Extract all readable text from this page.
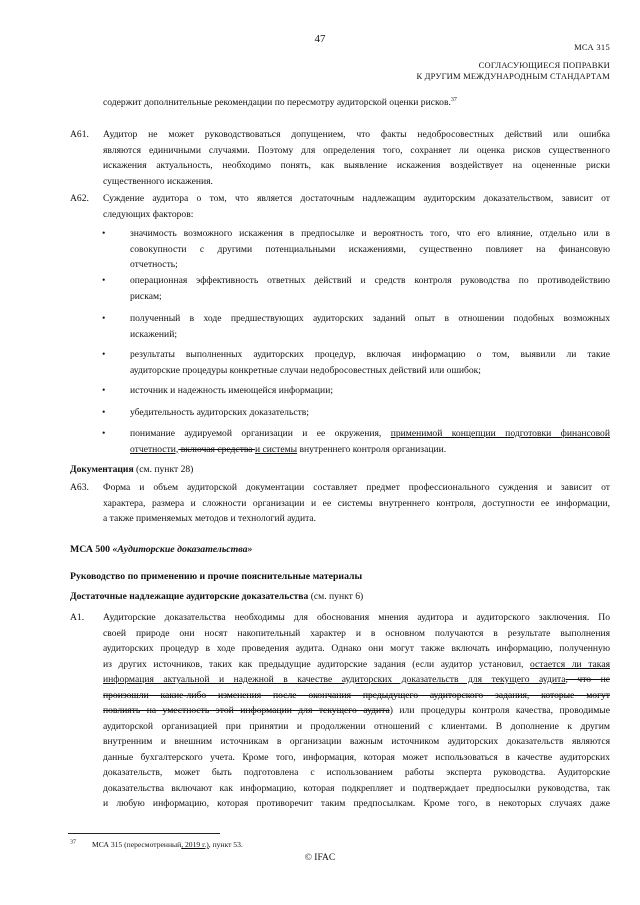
47
МСА 315
СОГЛАСУЮЩИЕСЯ ПОПРАВКИ
К ДРУГИМ МЕЖДУНАРОДНЫМ СТАНДАРТАМ
содержит дополнительные рекомендации по пересмотру аудиторской оценки рисков.$^{37}$
A61. Аудитор не может руководствоваться допущением, что факты недобросовестных действий или ошибка
являются единичными случаями. Поэтому для определения того, сохраняет ли оценка рисков существенного
искажения актуальность, необходимо понять, как выявление искажения воздействует на оцененные риски
существенного искажения.
A62. Суждение аудитора о том, что является достаточным надлежащим аудиторским доказательством, зависит от
следующих факторов:
•	значимость возможного искажения в предпосылке и вероятность того, что его влияние, отдельно или в
совокупности с другими потенциальными искажениями, существенно повлияет на финансовую
отчетность;
•	операционная эффективность ответных действий и средств контроля руководства по противодействию
рискам;
•	полученный в ходе предшествующих аудиторских заданий опыт в отношении подобных возможных
искажений;
•	результаты выполненных аудиторских процедур, включая информацию о том, выявили ли такие
аудиторские процедуры конкретные случаи недобросовестных действий или ошибок;
•	источник и надежность имеющейся информации;
•	убедительность аудиторских доказательств;
•	понимание аудируемой организации и ее окружения, применимой концепции подготовки финансовой
отчетности, включая средства и системы внутреннего контроля организации.
Документация (см. пункт 28)
A63. Форма и объем аудиторской документации составляет предмет профессионального суждения и зависит от
характера, размера и сложности организации и ее системы внутреннего контроля, доступности ее информации,
а также применяемых методов и технологий аудита.
МСА 500 «Аудиторские доказательства»
Руководство по применению и прочие пояснительные материалы
Достаточные надлежащие аудиторские доказательства (см. пункт 6)
A1. Аудиторские доказательства необходимы для обоснования мнения аудитора и аудиторского заключения. По
своей природе они носят накопительный характер и в основном получаются в результате выполнения
аудиторских процедур в ходе проведения аудита. Однако они могут также включать информацию, полученную
из других источников, таких как предыдущие аудиторские задания (если аудитор установил, остается ли такая
информация актуальной и надежной в качестве аудиторских доказательств для текущего аудита, что не
произошли какие-либо изменения после окончания предыдущего аудиторского задания, которые могут
повлиять на уместность этой информации для текущего аудита) или процедуры контроля качества, проводимые
аудиторской организацией при принятии и продолжении отношений с клиентами. В дополнение к другим
внутренним и внешним источникам в организации важным источником аудиторских доказательств являются
данные бухгалтерского учета. Кроме того, информация, которая может использоваться в качестве аудиторских
доказательств, может быть подготовлена с использованием работы эксперта руководства. Аудиторские
доказательства включают как информацию, которая подкрепляет и подтверждает предпосылки руководства, так
и любую информацию, которая противоречит таким предпосылкам. Кроме того, в некоторых случаях даже
$^{37}$ МСА 315 (пересмотренный, 2019 г.), пункт 53.
© IFAC
